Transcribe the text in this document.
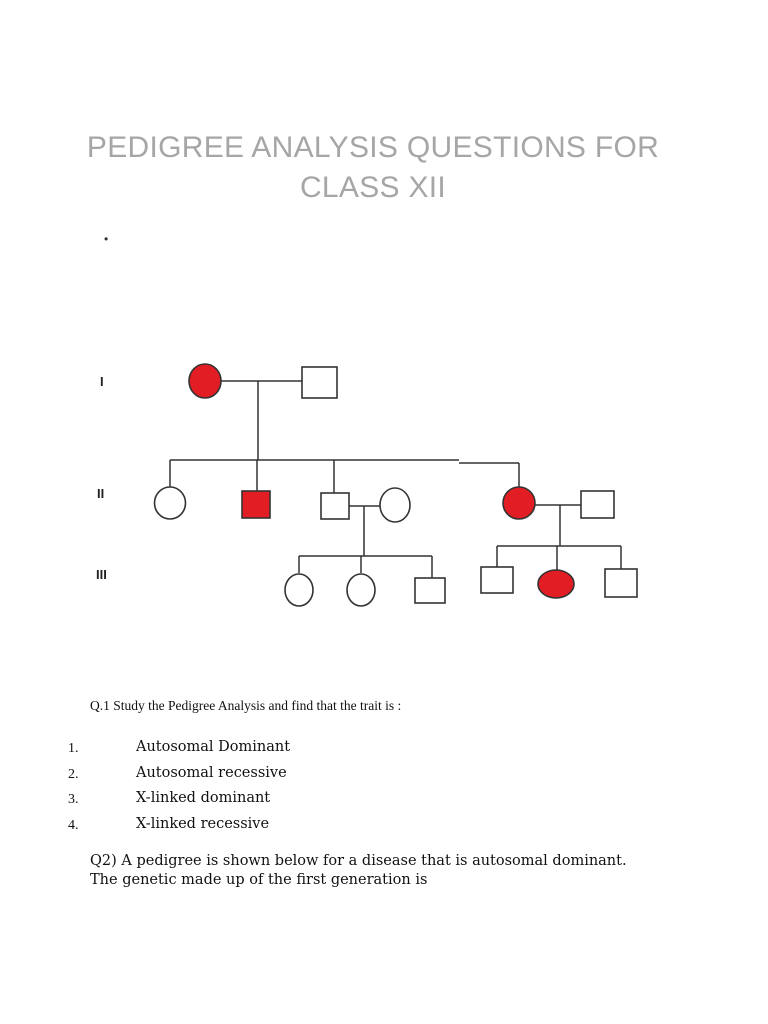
PEDIGREE ANALYSIS QUESTIONS FOR
CLASS XII
•
I
II
III
Q.1 Study the Pedigree Analysis and find that the trait is :
1.	Autosomal Dominant
2.	Autosomal recessive
3.	X-linked dominant
4.	X-linked recessive
Q2) A pedigree is shown below for a disease that is autosomal dominant.
The genetic made up of the first generation is
